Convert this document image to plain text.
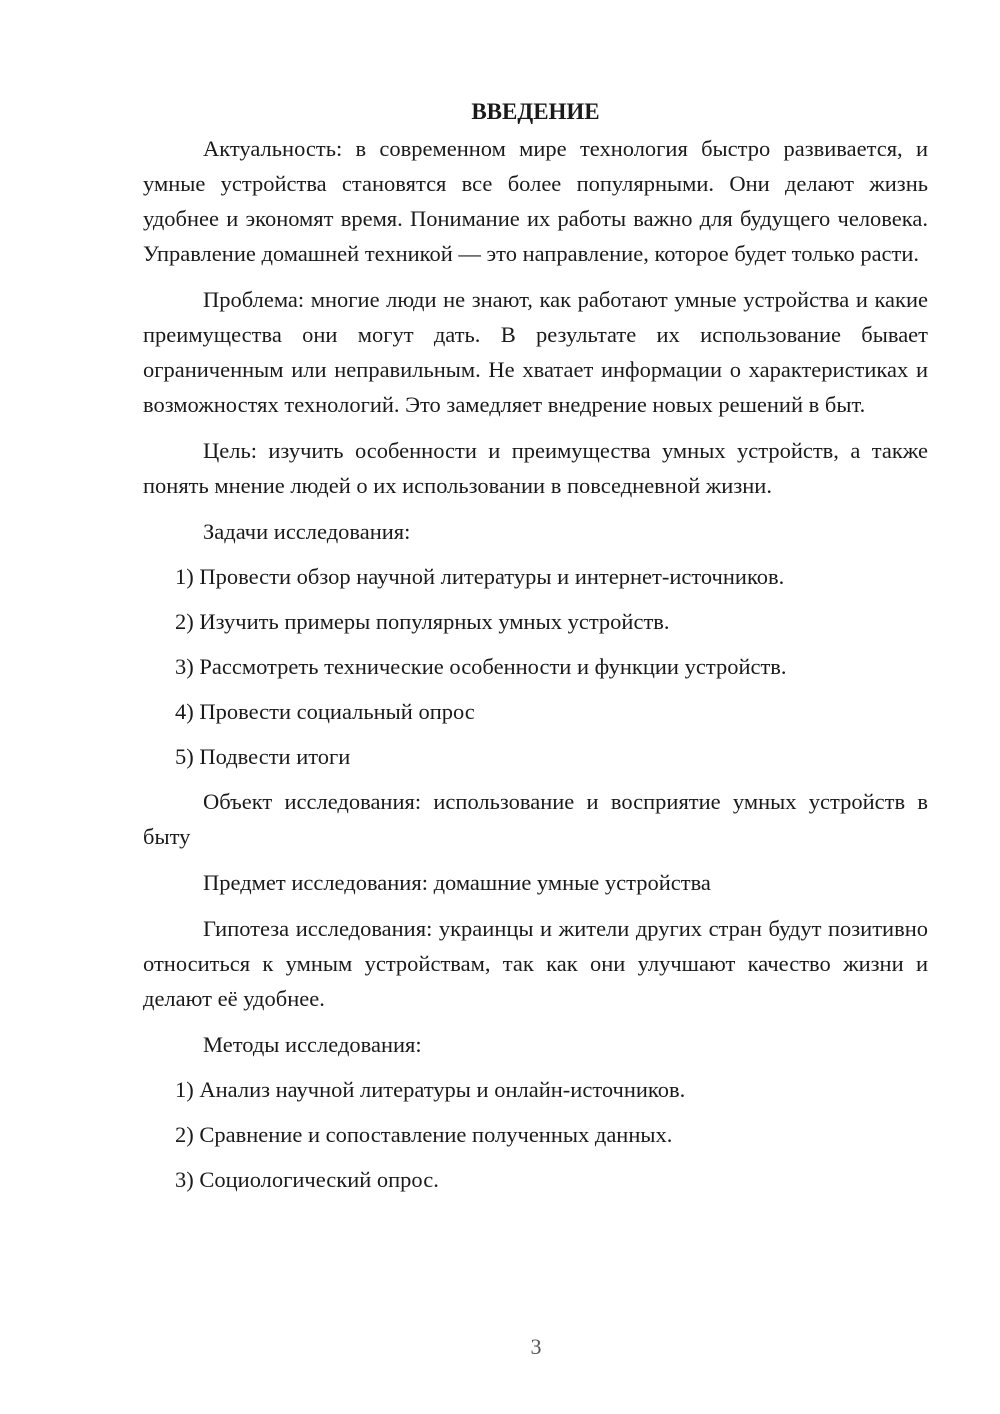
ВВЕДЕНИЕ

Актуальность: в современном мире технология быстро развивается, и умные устройства становятся все более популярными. Они делают жизнь удобнее и экономят время. Понимание их работы важно для будущего человека. Управление домашней техникой — это направление, которое будет только расти.

Проблема: многие люди не знают, как работают умные устройства и какие преимущества они могут дать. В результате их использование бывает ограниченным или неправильным. Не хватает информации о характеристиках и возможностях технологий. Это замедляет внедрение новых решений в быт.

Цель: изучить особенности и преимущества умных устройств, а также понять мнение людей о их использовании в повседневной жизни.

Задачи исследования:

1) Провести обзор научной литературы и интернет-источников.

2) Изучить примеры популярных умных устройств.

3) Рассмотреть технические особенности и функции устройств.

4) Провести социальный опрос

5) Подвести итоги

Объект исследования: использование и восприятие умных устройств в быту

Предмет исследования: домашние умные устройства

Гипотеза исследования: украинцы и жители других стран будут позитивно относиться к умным устройствам, так как они улучшают качество жизни и делают её удобнее.

Методы исследования:

1) Анализ научной литературы и онлайн-источников.

2) Сравнение и сопоставление полученных данных.

3) Социологический опрос.

3
